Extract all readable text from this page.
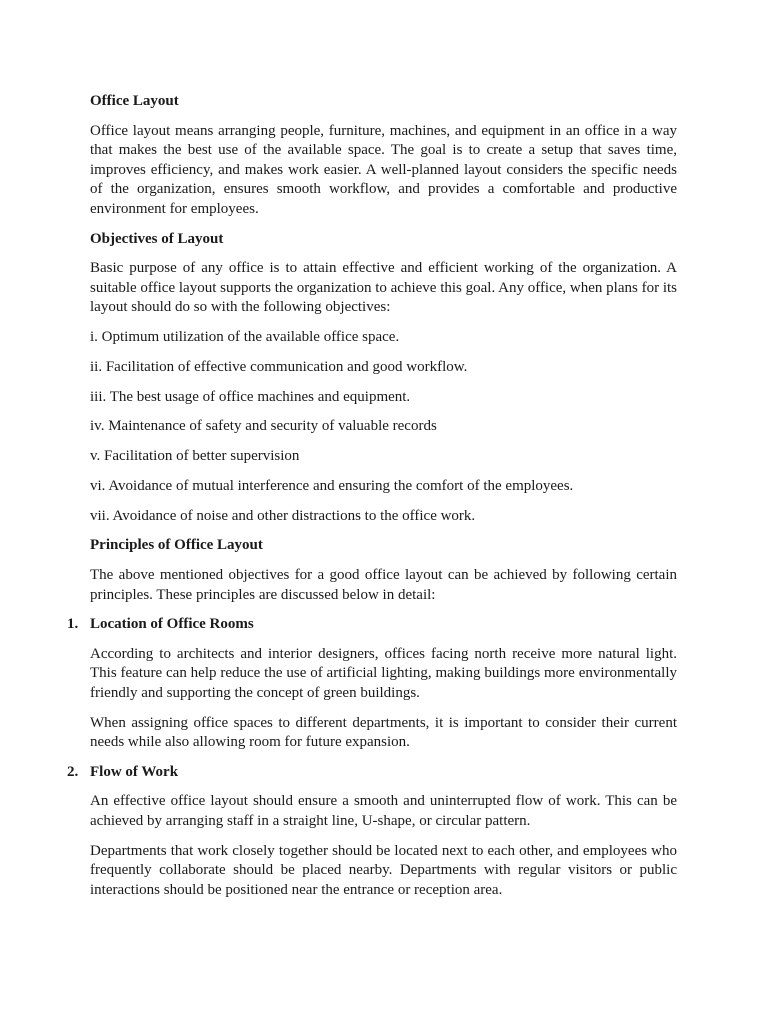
Office Layout

Office layout means arranging people, furniture, machines, and equipment in an office in a way that makes the best use of the available space. The goal is to create a setup that saves time, improves efficiency, and makes work easier. A well-planned layout considers the specific needs of the organization, ensures smooth workflow, and provides a comfortable and productive environment for employees.

Objectives of Layout

Basic purpose of any office is to attain effective and efficient working of the organization. A suitable office layout supports the organization to achieve this goal. Any office, when plans for its layout should do so with the following objectives:

i. Optimum utilization of the available office space.

ii. Facilitation of effective communication and good workflow.

iii. The best usage of office machines and equipment.

iv. Maintenance of safety and security of valuable records

v. Facilitation of better supervision

vi. Avoidance of mutual interference and ensuring the comfort of the employees.

vii. Avoidance of noise and other distractions to the office work.

Principles of Office Layout

The above mentioned objectives for a good office layout can be achieved by following certain principles. These principles are discussed below in detail:

1. Location of Office Rooms

According to architects and interior designers, offices facing north receive more natural light. This feature can help reduce the use of artificial lighting, making buildings more environmentally friendly and supporting the concept of green buildings.

When assigning office spaces to different departments, it is important to consider their current needs while also allowing room for future expansion.

2. Flow of Work

An effective office layout should ensure a smooth and uninterrupted flow of work. This can be achieved by arranging staff in a straight line, U-shape, or circular pattern.

Departments that work closely together should be located next to each other, and employees who frequently collaborate should be placed nearby. Departments with regular visitors or public interactions should be positioned near the entrance or reception area.
